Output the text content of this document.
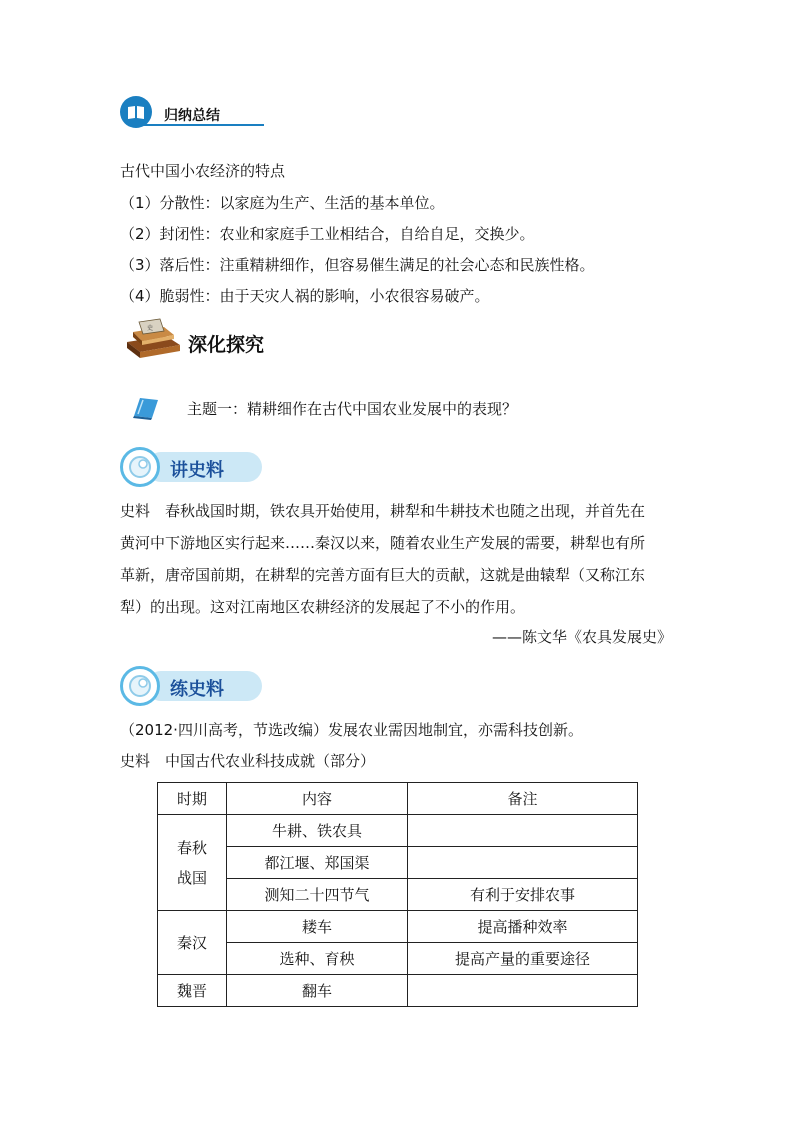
归纳总结
古代中国小农经济的特点
（1）分散性：以家庭为生产、生活的基本单位。
（2）封闭性：农业和家庭手工业相结合，自给自足，交换少。
（3）落后性：注重精耕细作，但容易催生满足的社会心态和民族性格。
（4）脆弱性：由于天灾人祸的影响，小农很容易破产。
史
深化探究
主题一：精耕细作在古代中国农业发展中的表现？
讲史料
史料　春秋战国时期，铁农具开始使用，耕犁和牛耕技术也随之出现，并首先在
黄河中下游地区实行起来……秦汉以来，随着农业生产发展的需要，耕犁也有所
革新，唐帝国前期，在耕犁的完善方面有巨大的贡献，这就是曲辕犁（又称江东
犁）的出现。这对江南地区农耕经济的发展起了不小的作用。
——陈文华《农具发展史》
练史料
（2012·四川高考，节选改编）发展农业需因地制宜，亦需科技创新。
史料　中国古代农业科技成就（部分）
时期	内容	备注

春秋战国	牛耕、铁农具	
	都江堰、郑国渠	
	测知二十四节气	有利于安排农事
秦汉	耧车	提高播种效率
	选种、育秧	提高产量的重要途径
魏晋	翻车	
